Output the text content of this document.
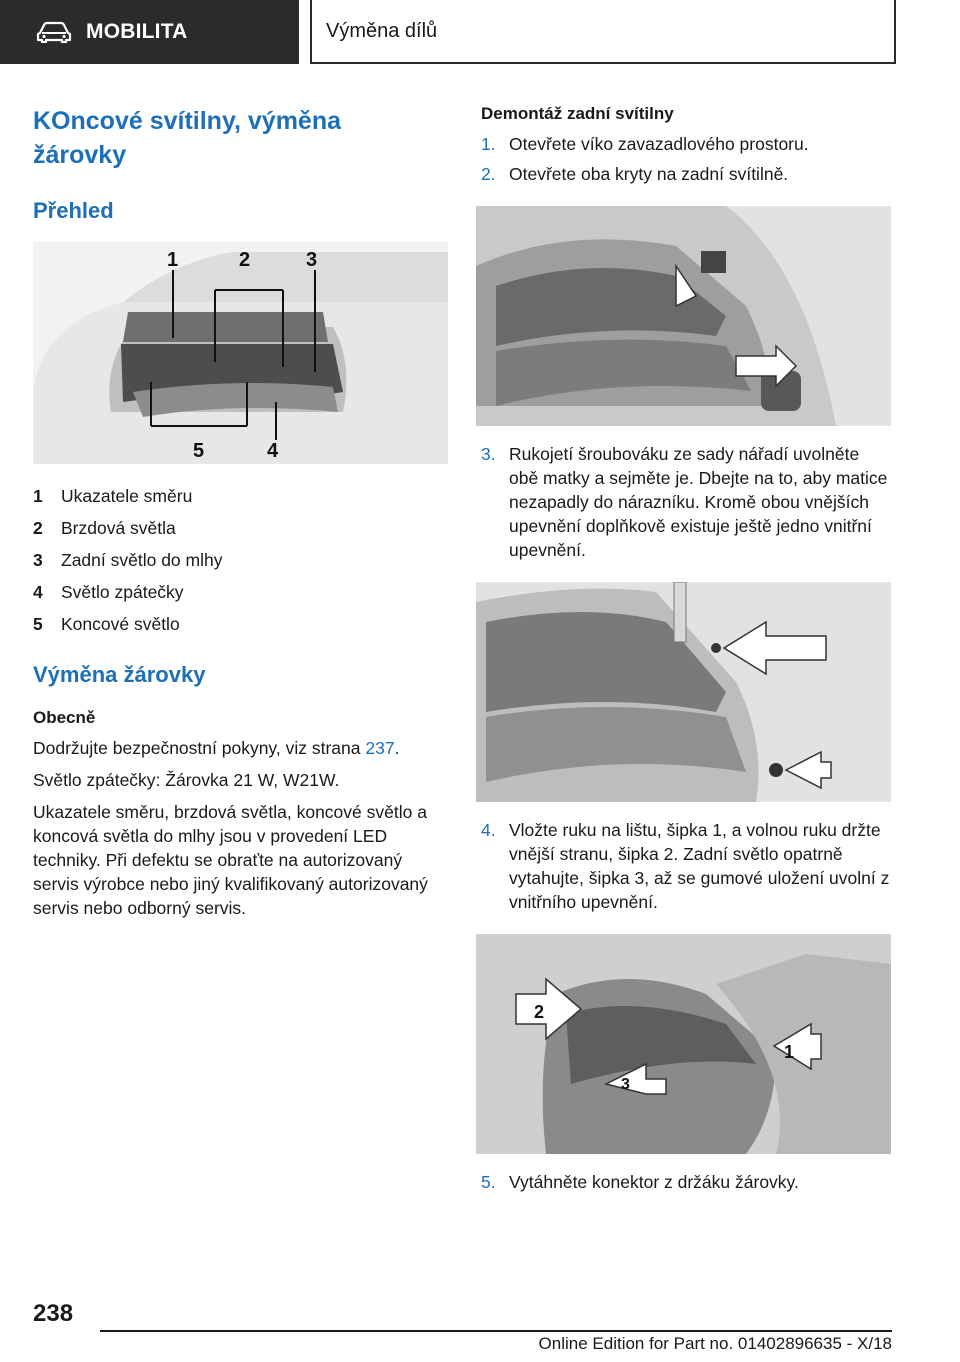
MOBILITA	Výměna dílů
KOncové svítilny, výměna
žárovky
Přehled
1	2	3
4
5
1	Ukazatele směru
2	Brzdová světla
3	Zadní světlo do mlhy
4	Světlo zpátečky
5	Koncové světlo
Výměna žárovky
Obecně

Dodržujte bezpečnostní pokyny, viz strana 237.

Světlo zpátečky: Žárovka 21 W, W21W.

Ukazatele směru, brzdová světla, koncové světlo a koncová světla do mlhy jsou v provedení LED techniky. Při defektu se obraťte na autorizovaný servis výrobce nebo jiný kvalifikovaný autorizovaný servis nebo odborný servis.

Demontáž zadní svítilny
1. Otevřete víko zavazadlového prostoru.
2. Otevřete oba kryty na zadní svítilně.
3. Rukojetí šroubováku ze sady nářadí uvolněte obě matky a sejměte je. Dbejte na to, aby matice nezapadly do nárazníku. Kromě obou vnějších upevnění doplňkově existuje ještě jedno vnitřní upevnění.
4. Vložte ruku na lištu, šipka 1, a volnou ruku držte vnější stranu, šipka 2. Zadní světlo opatrně vytahujte, šipka 3, až se gumové uložení uvolní z vnitřního upevnění.
2
1
3
5. Vytáhněte konektor z držáku žárovky.
238
Online Edition for Part no. 01402896635 - X/18
